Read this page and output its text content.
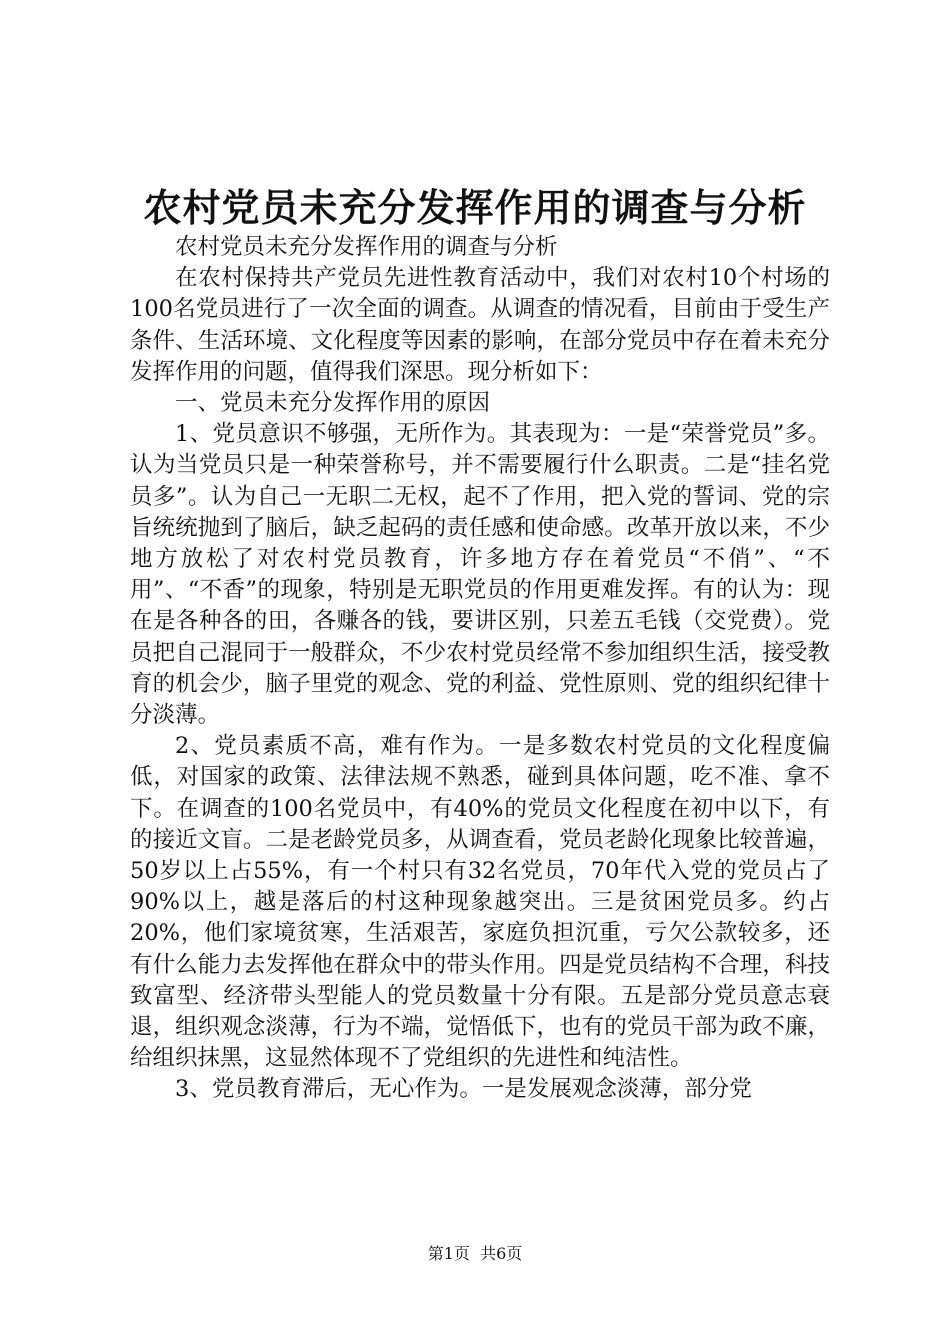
农村党员未充分发挥作用的调查与分析

农村党员未充分发挥作用的调查与分析

在农村保持共产党员先进性教育活动中，我们对农村10个村场的100名党员进行了一次全面的调查。从调查的情况看，目前由于受生产条件、生活环境、文化程度等因素的影响，在部分党员中存在着未充分发挥作用的问题，值得我们深思。现分析如下：

一、党员未充分发挥作用的原因

1、党员意识不够强，无所作为。其表现为：一是“荣誉党员”多。认为当党员只是一种荣誉称号，并不需要履行什么职责。二是“挂名党员多”。认为自己一无职二无权，起不了作用，把入党的誓词、党的宗旨统统抛到了脑后，缺乏起码的责任感和使命感。改革开放以来，不少地方放松了对农村党员教育，许多地方存在着党员“不俏”、“不用”、“不香”的现象，特别是无职党员的作用更难发挥。有的认为：现在是各种各的田，各赚各的钱，要讲区别，只差五毛钱（交党费）。党员把自己混同于一般群众，不少农村党员经常不参加组织生活，接受教育的机会少，脑子里党的观念、党的利益、党性原则、党的组织纪律十分淡薄。

2、党员素质不高，难有作为。一是多数农村党员的文化程度偏低，对国家的政策、法律法规不熟悉，碰到具体问题，吃不准、拿不下。在调查的100名党员中，有40%的党员文化程度在初中以下，有的接近文盲。二是老龄党员多，从调查看，党员老龄化现象比较普遍，50岁以上占55%，有一个村只有32名党员，70年代入党的党员占了90%以上，越是落后的村这种现象越突出。三是贫困党员多。约占20%，他们家境贫寒，生活艰苦，家庭负担沉重，亏欠公款较多，还有什么能力去发挥他在群众中的带头作用。四是党员结构不合理，科技致富型、经济带头型能人的党员数量十分有限。五是部分党员意志衰退，组织观念淡薄，行为不端，觉悟低下，也有的党员干部为政不廉，给组织抹黑，这显然体现不了党组织的先进性和纯洁性。

3、党员教育滞后，无心作为。一是发展观念淡薄，部分党

第1页 共6页
